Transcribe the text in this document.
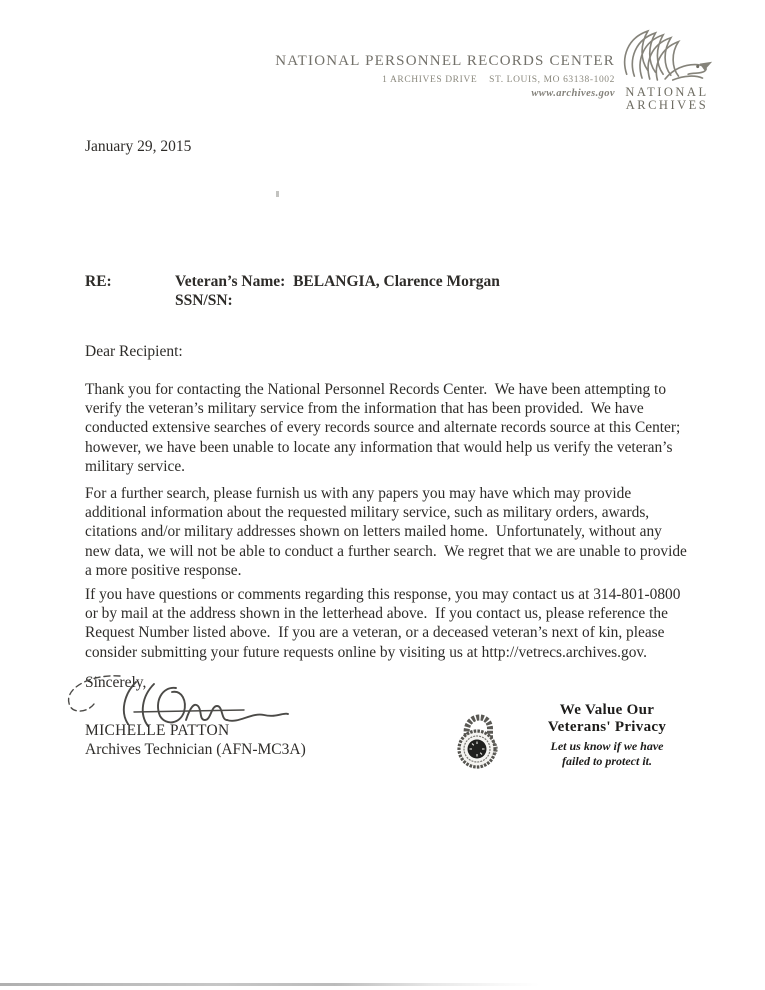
NATIONAL PERSONNEL RECORDS CENTER
1 ARCHIVES DRIVE    ST. LOUIS, MO 63138-1002
www.archives.gov NATIONAL
ARCHIVES
January 29, 2015
RE:	Veteran’s Name:  BELANGIA, Clarence Morgan
SSN/SN:
Dear Recipient:
Thank you for contacting the National Personnel Records Center.  We have been attempting to verify the veteran’s military service from the information that has been provided.  We have conducted extensive searches of every records source and alternate records source at this Center; however, we have been unable to locate any information that would help us verify the veteran’s military service.
For a further search, please furnish us with any papers you may have which may provide additional information about the requested military service, such as military orders, awards, citations and/or military addresses shown on letters mailed home.  Unfortunately, without any new data, we will not be able to conduct a further search.  We regret that we are unable to provide a more positive response.
If you have questions or comments regarding this response, you may contact us at 314-801-0800 or by mail at the address shown in the letterhead above.  If you contact us, please reference the Request Number listed above.  If you are a veteran, or a deceased veteran’s next of kin, please consider submitting your future requests online by visiting us at http://vetrecs.archives.gov.
Sincerely,
MICHELLE PATTON
Archives Technician (AFN-MC3A)
We Value Our
Veterans' Privacy
Let us know if we have
failed to protect it.
